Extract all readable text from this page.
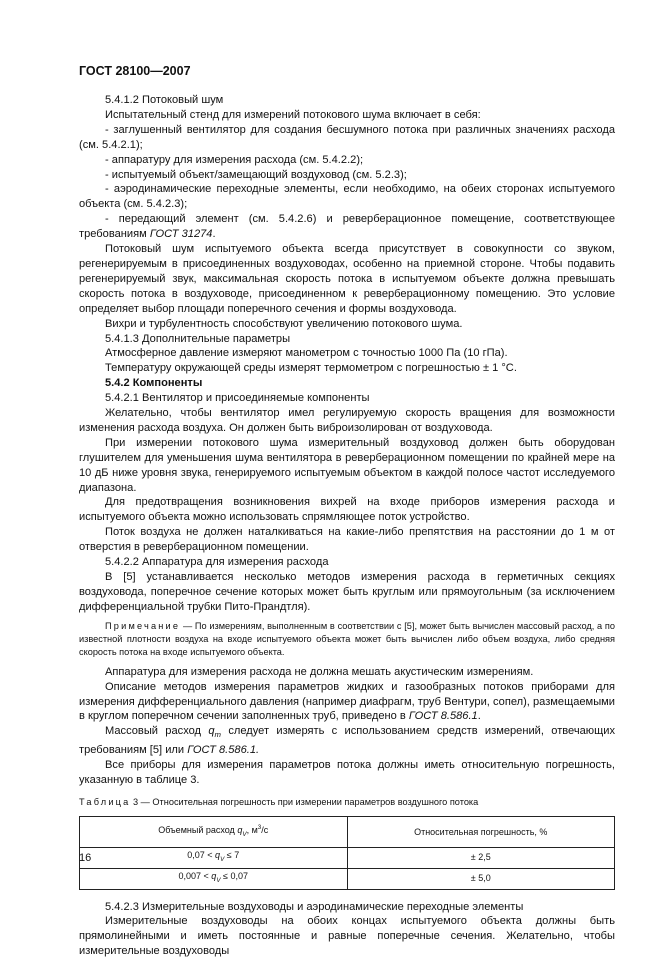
ГОСТ 28100—2007

5.4.1.2 Потоковый шум

Испытательный стенд для измерений потокового шума включает в себя:

- заглушенный вентилятор для создания бесшумного потока при различных значениях расхода (см. 5.4.2.1);

- аппаратуру для измерения расхода (см. 5.4.2.2);

- испытуемый объект/замещающий воздуховод (см. 5.2.3);

- аэродинамические переходные элементы, если необходимо, на обеих сторонах испытуемого объекта (см. 5.4.2.3);

- передающий элемент (см. 5.4.2.6) и реверберационное помещение, соответствующее требованиям ГОСТ 31274.

Потоковый шум испытуемого объекта всегда присутствует в совокупности со звуком, регенерируемым в присоединенных воздуховодах, особенно на приемной стороне. Чтобы подавить регенерируемый звук, максимальная скорость потока в испытуемом объекте должна превышать скорость потока в воздуховоде, присоединенном к реверберационному помещению. Это условие определяет выбор площади поперечного сечения и формы воздуховода.

Вихри и турбулентность способствуют увеличению потокового шума.

5.4.1.3 Дополнительные параметры

Атмосферное давление измеряют манометром с точностью 1000 Па (10 гПа).

Температуру окружающей среды измерят термометром с погрешностью ± 1 °С.

5.4.2 Компоненты

5.4.2.1 Вентилятор и присоединяемые компоненты

Желательно, чтобы вентилятор имел регулируемую скорость вращения для возможности изменения расхода воздуха. Он должен быть виброизолирован от воздуховода.

При измерении потокового шума измерительный воздуховод должен быть оборудован глушителем для уменьшения шума вентилятора в реверберационном помещении по крайней мере на 10 дБ ниже уровня звука, генерируемого испытуемым объектом в каждой полосе частот исследуемого диапазона.

Для предотвращения возникновения вихрей на входе приборов измерения расхода и испытуемого объекта можно использовать спрямляющее поток устройство.

Поток воздуха не должен наталкиваться на какие-либо препятствия на расстоянии до 1 м от отверстия в реверберационном помещении.

5.4.2.2 Аппаратура для измерения расхода

В [5] устанавливается несколько методов измерения расхода в герметичных секциях воздуховода, поперечное сечение которых может быть круглым или прямоугольным (за исключением дифференциальной трубки Пито-Прандтля).

Примечание — По измерениям, выполненным в соответствии с [5], может быть вычислен массовый расход, а по известной плотности воздуха на входе испытуемого объекта может быть вычислен либо объем воздуха, либо средняя скорость потока на входе испытуемого объекта.

Аппаратура для измерения расхода не должна мешать акустическим измерениям.

Описание методов измерения параметров жидких и газообразных потоков приборами для измерения дифференциального давления (например диафрагм, труб Вентури, сопел), размещаемыми в круглом поперечном сечении заполненных труб, приведено в ГОСТ 8.586.1.

Массовый расход $q_m$ следует измерять с использованием средств измерений, отвечающих требованиям [5] или ГОСТ 8.586.1.

Все приборы для измерения параметров потока должны иметь относительную погрешность, указанную в таблице 3.

Таблица 3 — Относительная погрешность при измерении параметров воздушного потока

Объемный расход $q_V$, $м^3/с$	Относительная погрешность, %
$0,07 < q_V \le 7$	± 2,5
$0,007 < q_V \le 0,07$	± 5,0

5.4.2.3 Измерительные воздуховоды и аэродинамические переходные элементы

Измерительные воздуховоды на обоих концах испытуемого объекта должны быть прямолинейными и иметь постоянные и равные поперечные сечения. Желательно, чтобы измерительные воздуховоды

16
